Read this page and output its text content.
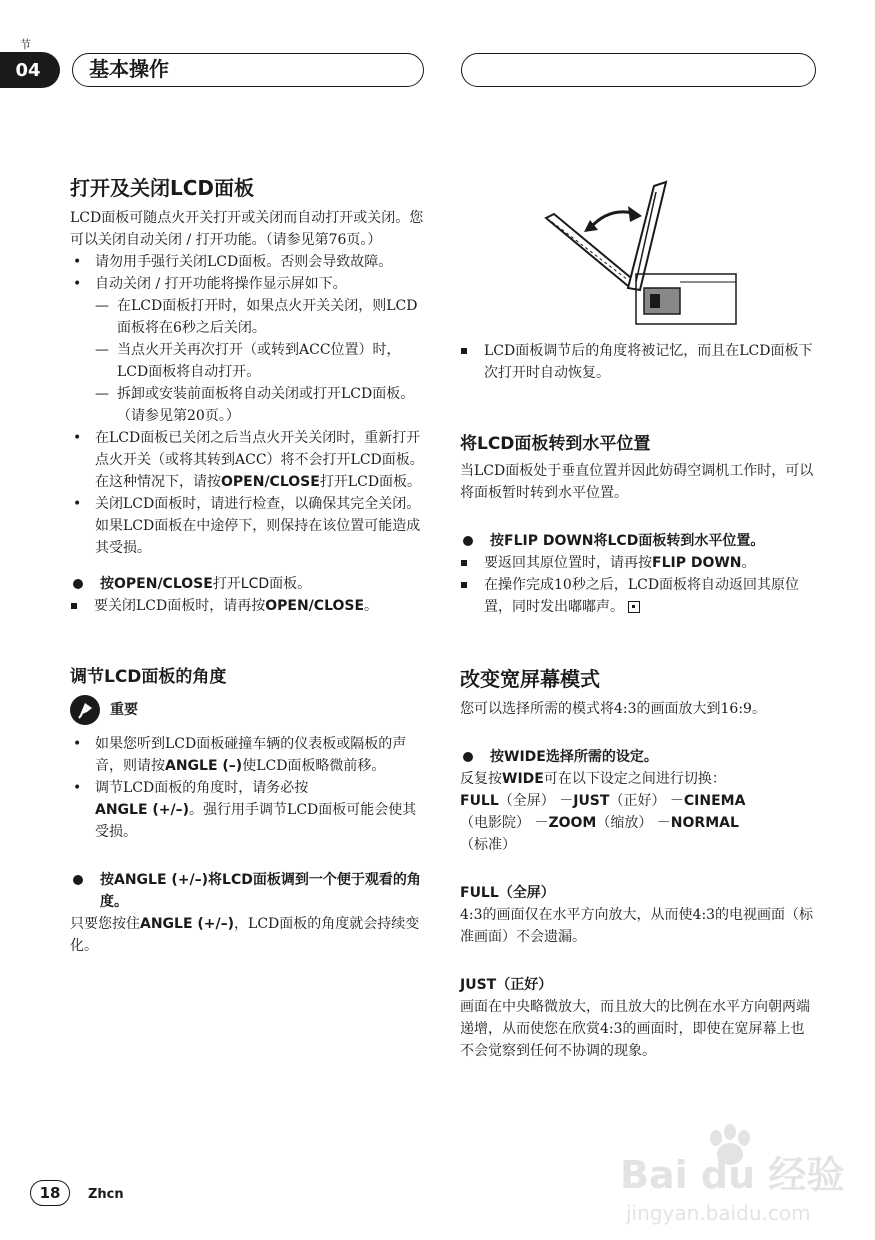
节
04	基本操作
打开及关闭LCD面板

LCD面板可随点火开关打开或关闭而自动打开或关闭。您可以关闭自动关闭 / 打开功能。（请参见第76页。）

• 请勿用手强行关闭LCD面板。否则会导致故障。
• 自动关闭 / 打开功能将操作显示屏如下。
— 在LCD面板打开时，如果点火开关关闭，则LCD面板将在6秒之后关闭。
— 当点火开关再次打开（或转到ACC位置）时，LCD面板将自动打开。
— 拆卸或安装前面板将自动关闭或打开LCD面板。（请参见第20页。）
• 在LCD面板已关闭之后当点火开关关闭时，重新打开点火开关（或将其转到ACC）将不会打开LCD面板。在这种情况下，请按OPEN/CLOSE打开LCD面板。
• 关闭LCD面板时，请进行检查，以确保其完全关闭。如果LCD面板在中途停下，则保持在该位置可能造成其受损。
按OPEN/CLOSE打开LCD面板。
要关闭LCD面板时，请再按OPEN/CLOSE。
调节LCD面板的角度
重要
• 如果您听到LCD面板碰撞车辆的仪表板或隔板的声音，则请按ANGLE (–)使LCD面板略微前移。
• 调节LCD面板的角度时，请务必按
ANGLE (+/–)。强行用手调节LCD面板可能会使其受损。
按ANGLE (+/–)将LCD面板调到一个便于观看的角度。

只要您按住ANGLE (+/–)，LCD面板的角度就会持续变化。

LCD面板调节后的角度将被记忆，而且在LCD面板下次打开时自动恢复。
将LCD面板转到水平位置

当LCD面板处于垂直位置并因此妨碍空调机工作时，可以将面板暂时转到水平位置。

按FLIP DOWN将LCD面板转到水平位置。
要返回其原位置时，请再按FLIP DOWN。
在操作完成10秒之后，LCD面板将自动返回其原位置，同时发出嘟嘟声。
改变宽屏幕模式

您可以选择所需的模式将4:3的画面放大到16:9。

按WIDE选择所需的设定。

反复按WIDE可在以下设定之间进行切换：
FULL（全屏） －JUST（正好） －CINEMA
（电影院） －ZOOM（缩放） －NORMAL
（标准）

FULL（全屏）

4:3的画面仅在水平方向放大，从而使4:3的电视画面（标准画面）不会遗漏。

JUST（正好）

画面在中央略微放大，而且放大的比例在水平方向朝两端递增，从而使您在欣赏4:3的画面时，即使在宽屏幕上也不会觉察到任何不协调的现象。

18	Zhcn	Bai du 经验
jingyan.baidu.com
